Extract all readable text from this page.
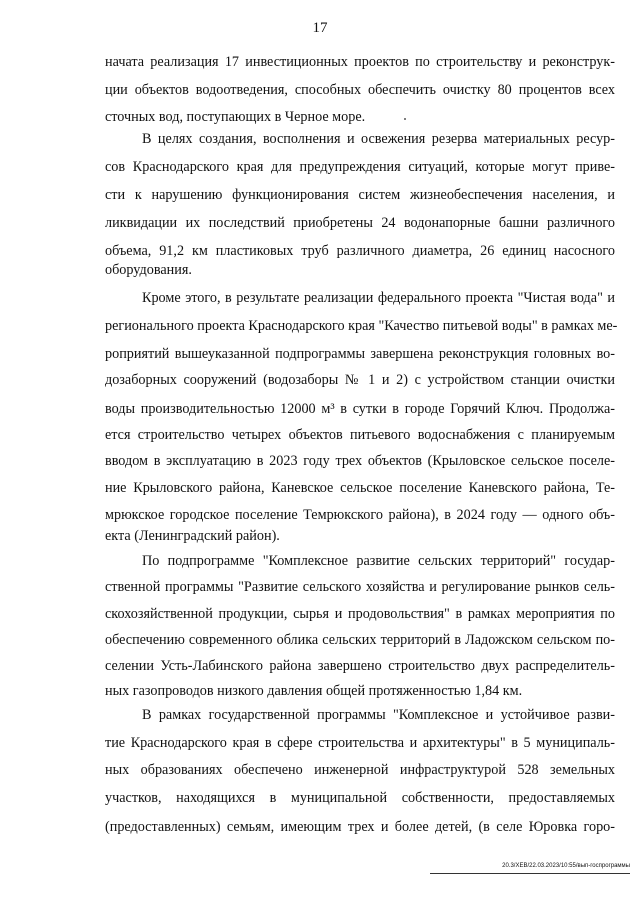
17
начата реализация 17 инвестиционных проектов по строительству и реконструк-
ции объектов водоотведения, способных обеспечить очистку 80 процентов всех
сточных вод, поступающих в Черное море.
В целях создания, восполнения и освежения резерва материальных ресур-
сов Краснодарского края для предупреждения ситуаций, которые могут приве-
сти к нарушению функционирования систем жизнеобеспечения населения, и
ликвидации их последствий приобретены 24 водонапорные башни различного
объема, 91,2 км пластиковых труб различного диаметра, 26 единиц насосного
оборудования.
Кроме этого, в результате реализации федерального проекта "Чистая вода" и
регионального проекта Краснодарского края "Качество питьевой воды" в рамках ме-
роприятий вышеуказанной подпрограммы завершена реконструкция головных во-
дозаборных сооружений (водозаборы № 1 и 2) с устройством станции очистки
воды производительностью 12000 м³ в сутки в городе Горячий Ключ. Продолжа-
ется строительство четырех объектов питьевого водоснабжения с планируемым
вводом в эксплуатацию в 2023 году трех объектов (Крыловское сельское поселе-
ние Крыловского района, Каневское сельское поселение Каневского района, Те-
мрюкское городское поселение Темрюкского района), в 2024 году — одного объ-
екта (Ленинградский район).
По подпрограмме "Комплексное развитие сельских территорий" государ-
ственной программы "Развитие сельского хозяйства и регулирование рынков сель-
скохозяйственной продукции, сырья и продовольствия" в рамках мероприятия по
обеспечению современного облика сельских территорий в Ладожском сельском по-
селении Усть-Лабинского района завершено строительство двух распределитель-
ных газопроводов низкого давления общей протяженностью 1,84 км.
В рамках государственной программы "Комплексное и устойчивое разви-
тие Краснодарского края в сфере строительства и архитектуры" в 5 муниципаль-
ных образованиях обеспечено инженерной инфраструктурой 528 земельных
участков, находящихся в муниципальной собственности, предоставляемых
(предоставленных) семьям, имеющим трех и более детей, (в селе Юровка горо-
20.3/ХЕВ/22.03.2023/10:55/вып-госпрограммы
